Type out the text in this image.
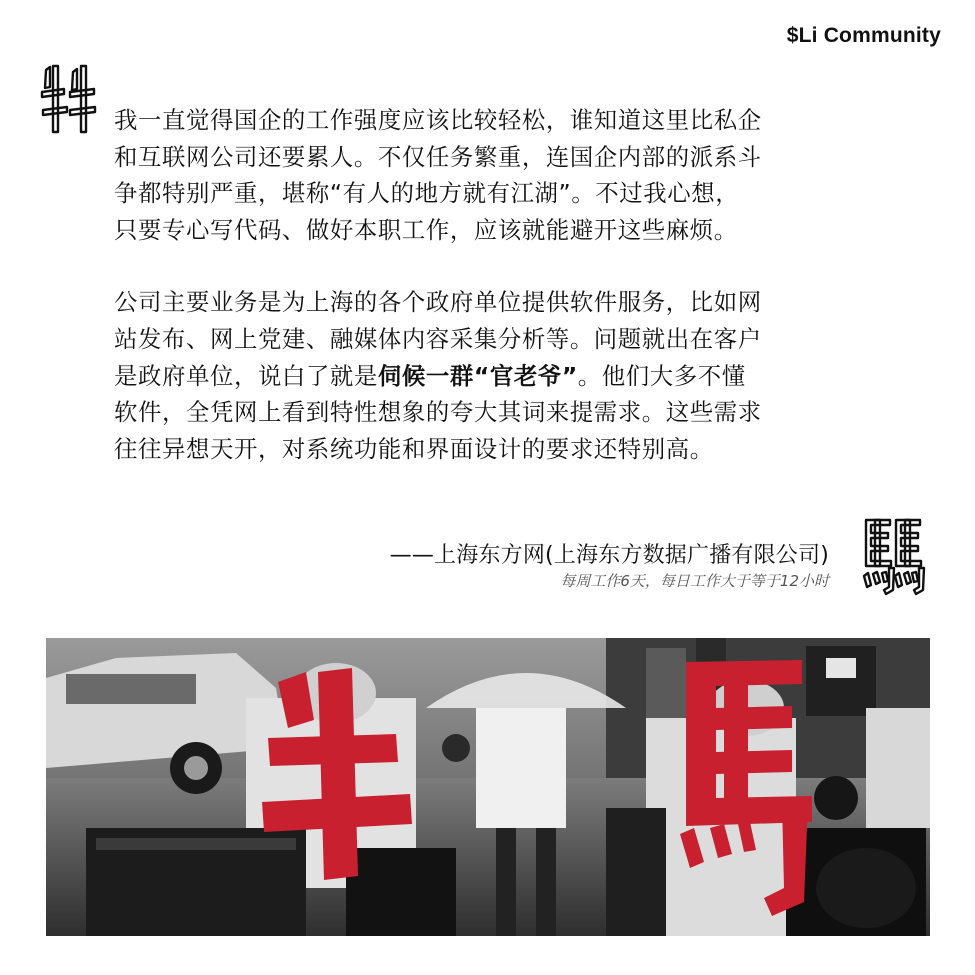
$Li Community

我一直觉得国企的工作强度应该比较轻松，谁知道这里比私企
和互联网公司还要累人。不仅任务繁重，连国企内部的派系斗
争都特别严重，堪称“有人的地方就有江湖”。不过我心想，
只要专心写代码、做好本职工作，应该就能避开这些麻烦。

公司主要业务是为上海的各个政府单位提供软件服务，比如网
站发布、网上党建、融媒体内容采集分析等。问题就出在客户
是政府单位，说白了就是伺候一群“官老爷”。他们大多不懂
软件，全凭网上看到特性想象的夸大其词来提需求。这些需求
往往异想天开，对系统功能和界面设计的要求还特别高。

——上海东方网(上海东方数据广播有限公司)
每周工作6天，每日工作大于等于12小时
